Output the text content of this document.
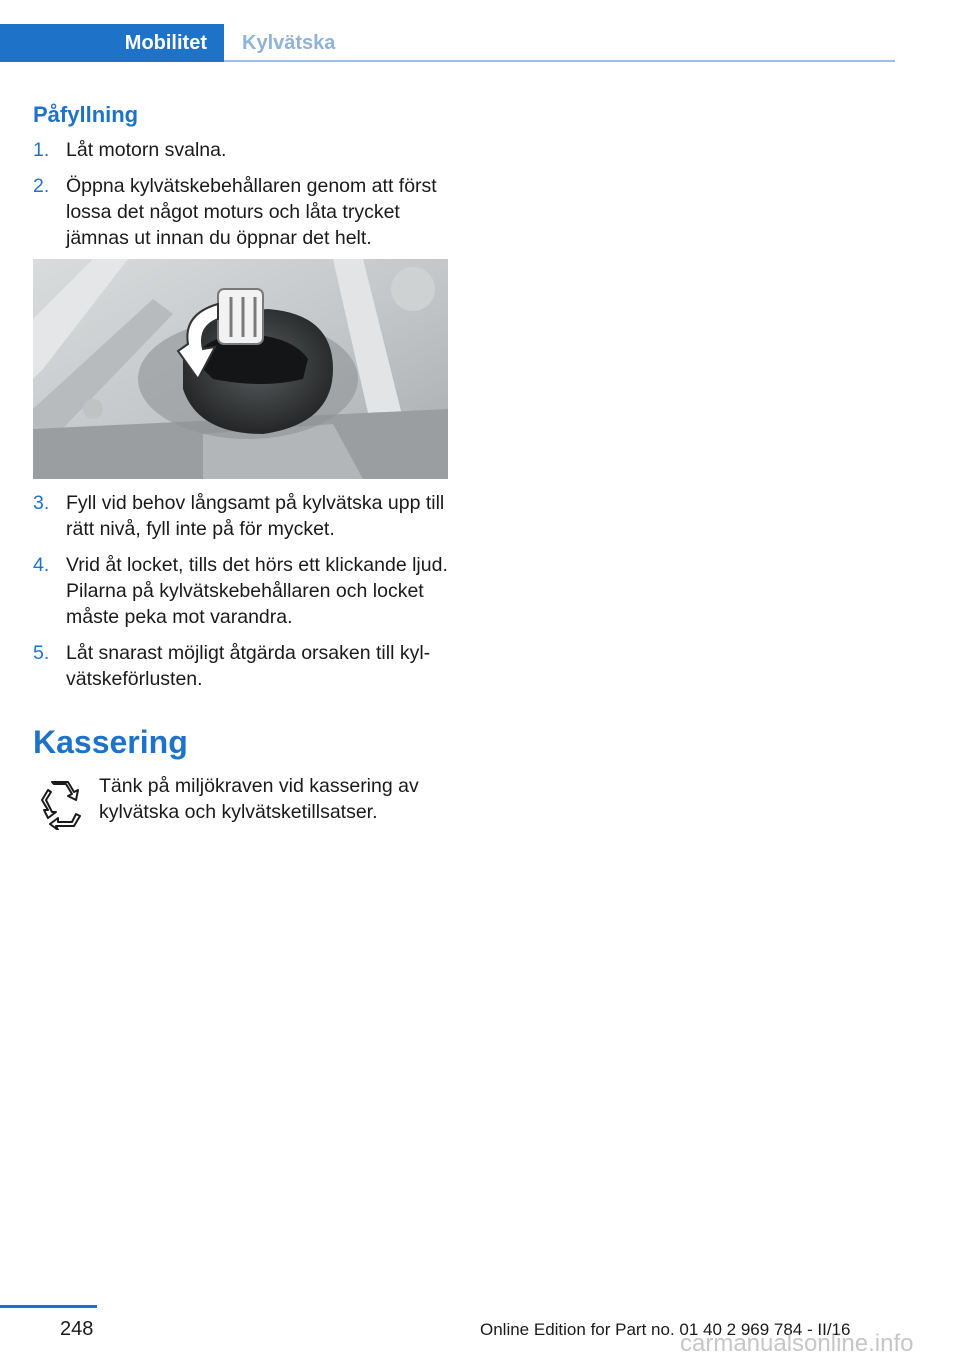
Mobilitet	Kylvätska
Påfyllning
1. Låt motorn svalna.
2. Öppna kylvätskebehållaren genom att först lossa det något moturs och låta trycket jämnas ut innan du öppnar det helt.
3. Fyll vid behov långsamt på kylvätska upp till rätt nivå, fyll inte på för mycket.
4. Vrid åt locket, tills det hörs ett klickande ljud. Pilarna på kylvätskebehållaren och locket måste peka mot varandra.
5. Låt snarast möjligt åtgärda orsaken till kyl‐vätskeförlusten.
Kassering
Tänk på miljökraven vid kassering av kylvätska och kylvätsketillsatser.
248	Online Edition for Part no. 01 40 2 969 784 - II/16
carmanualsonline.info
